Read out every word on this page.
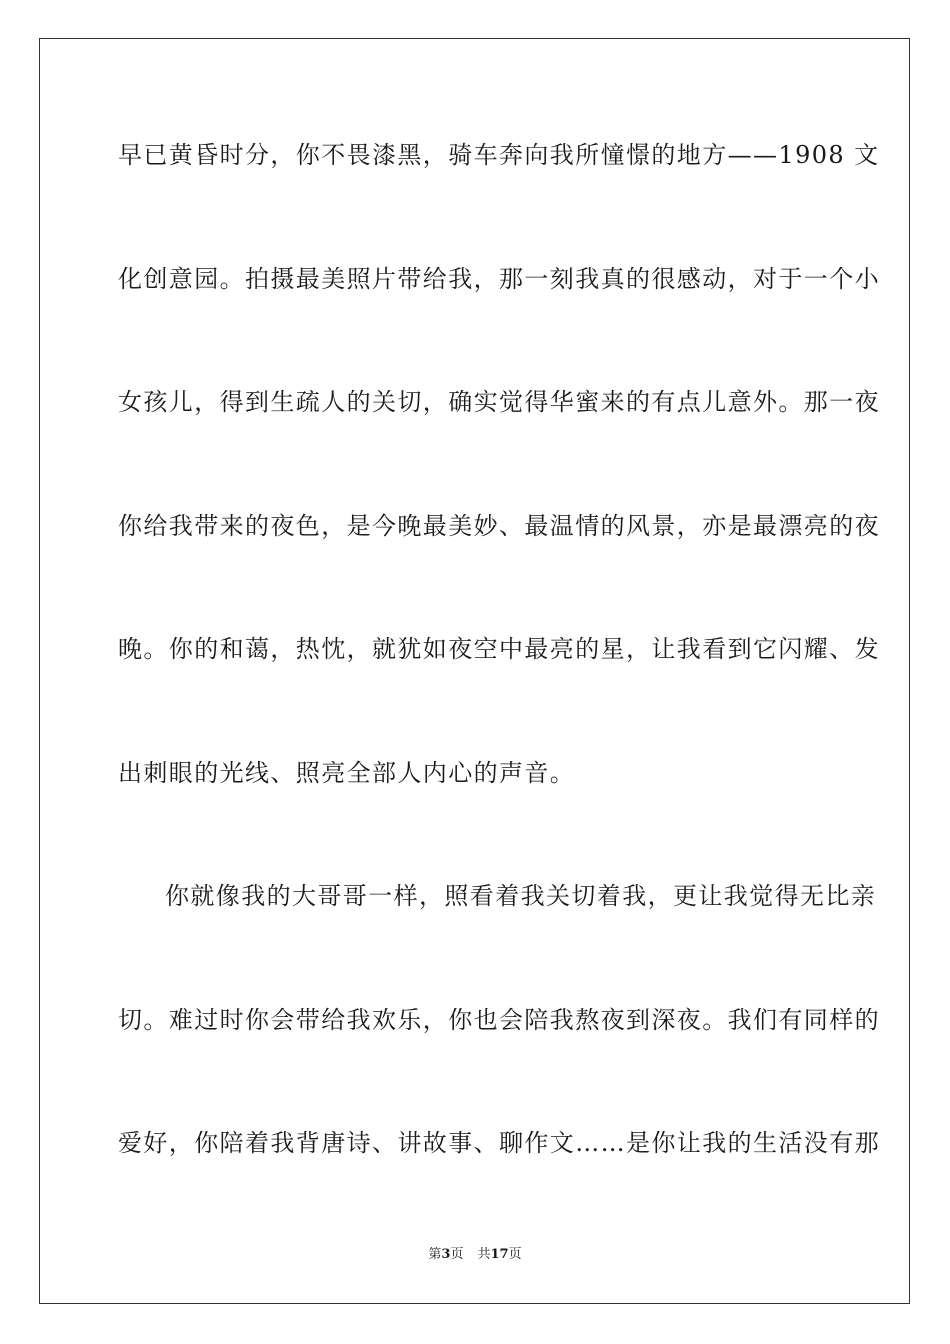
早已黄昏时分，你不畏漆黑，骑车奔向我所憧憬的地方——1908 文
化创意园。拍摄最美照片带给我，那一刻我真的很感动，对于一个小
女孩儿，得到生疏人的关切，确实觉得华蜜来的有点儿意外。那一夜
你给我带来的夜色，是今晚最美妙、最温情的风景，亦是最漂亮的夜
晚。你的和蔼，热忱，就犹如夜空中最亮的星，让我看到它闪耀、发
出刺眼的光线、照亮全部人内心的声音。
你就像我的大哥哥一样，照看着我关切着我，更让我觉得无比亲
切。难过时你会带给我欢乐，你也会陪我熬夜到深夜。我们有同样的
爱好，你陪着我背唐诗、讲故事、聊作文……是你让我的生活没有那
第3页 共17页
